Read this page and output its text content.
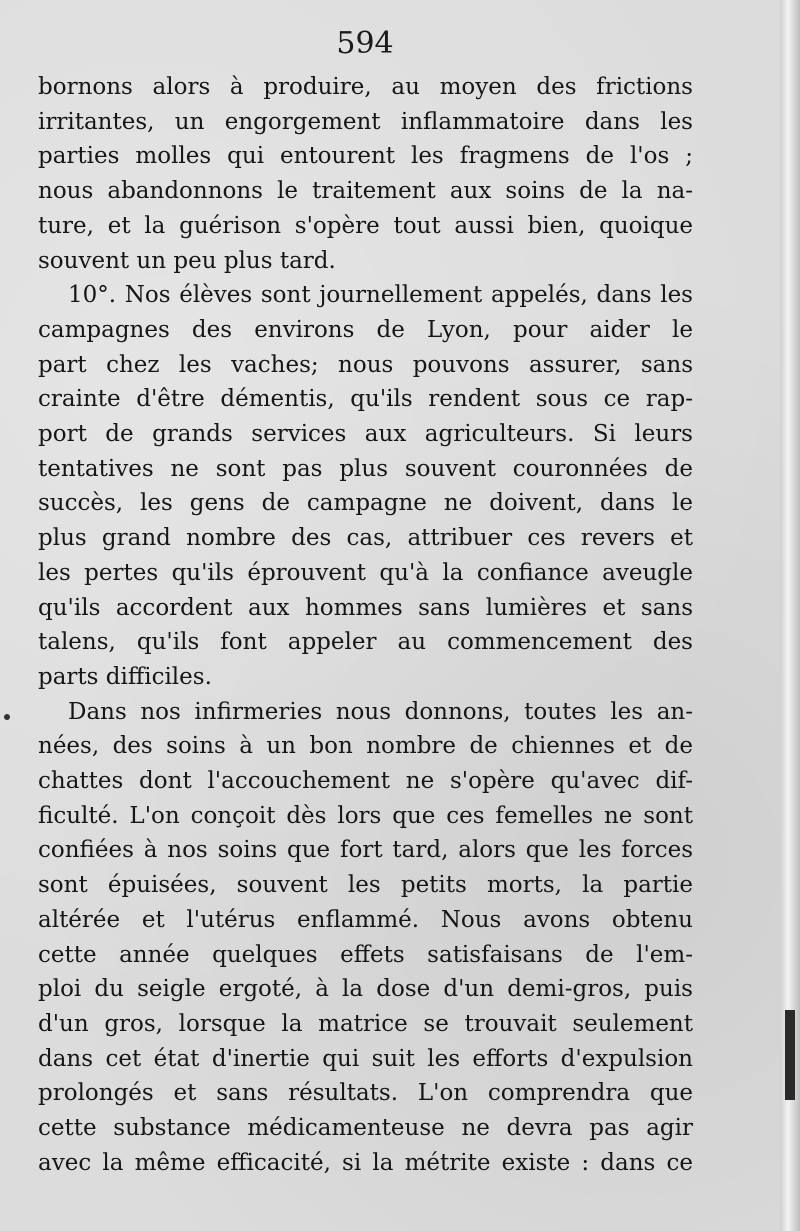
594
bornons alors à produire, au moyen des frictions
irritantes, un engorgement inflammatoire dans les
parties molles qui entourent les fragmens de l'os ;
nous abandonnons le traitement aux soins de la na-
ture, et la guérison s'opère tout aussi bien, quoique
souvent un peu plus tard.
10°. Nos élèves sont journellement appelés, dans les
campagnes des environs de Lyon, pour aider le
part chez les vaches; nous pouvons assurer, sans
crainte d'être démentis, qu'ils rendent sous ce rap-
port de grands services aux agriculteurs. Si leurs
tentatives ne sont pas plus souvent couronnées de
succès, les gens de campagne ne doivent, dans le
plus grand nombre des cas, attribuer ces revers et
les pertes qu'ils éprouvent qu'à la confiance aveugle
qu'ils accordent aux hommes sans lumières et sans
talens, qu'ils font appeler au commencement des
parts difficiles.
Dans nos infirmeries nous donnons, toutes les an-
nées, des soins à un bon nombre de chiennes et de
chattes dont l'accouchement ne s'opère qu'avec dif-
ficulté. L'on conçoit dès lors que ces femelles ne sont
confiées à nos soins que fort tard, alors que les forces
sont épuisées, souvent les petits morts, la partie
altérée et l'utérus enflammé. Nous avons obtenu
cette année quelques effets satisfaisans de l'em-
ploi du seigle ergoté, à la dose d'un demi-gros, puis
d'un gros, lorsque la matrice se trouvait seulement
dans cet état d'inertie qui suit les efforts d'expulsion
prolongés et sans résultats. L'on comprendra que
cette substance médicamenteuse ne devra pas agir
avec la même efficacité, si la métrite existe : dans ce
